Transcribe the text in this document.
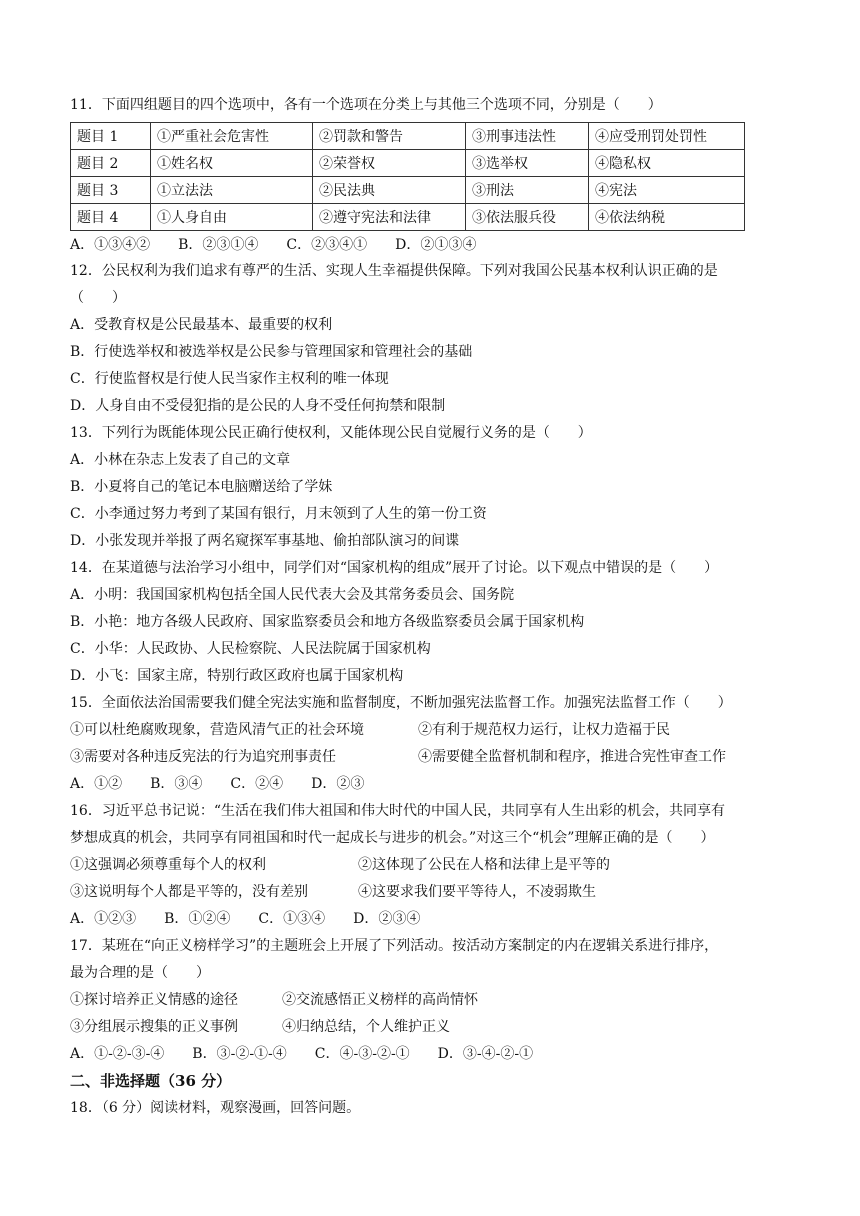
11．下面四组题目的四个选项中，各有一个选项在分类上与其他三个选项不同，分别是（　　）
题目 1	①严重社会危害性	②罚款和警告	③刑事违法性	④应受刑罚处罚性
题目 2	①姓名权	②荣誉权	③选举权	④隐私权
题目 3	①立法法	②民法典	③刑法	④宪法
题目 4	①人身自由	②遵守宪法和法律	③依法服兵役	④依法纳税
A．①③④②　　B．②③①④　　C．②③④①　　D．②①③④
12．公民权利为我们追求有尊严的生活、实现人生幸福提供保障。下列对我国公民基本权利认识正确的是
（　　）
A．受教育权是公民最基本、最重要的权利
B．行使选举权和被选举权是公民参与管理国家和管理社会的基础
C．行使监督权是行使人民当家作主权利的唯一体现
D．人身自由不受侵犯指的是公民的人身不受任何拘禁和限制
13．下列行为既能体现公民正确行使权利，又能体现公民自觉履行义务的是（　　）
A．小林在杂志上发表了自己的文章
B．小夏将自己的笔记本电脑赠送给了学妹
C．小李通过努力考到了某国有银行，月末领到了人生的第一份工资
D．小张发现并举报了两名窥探军事基地、偷拍部队演习的间谍
14．在某道德与法治学习小组中，同学们对“国家机构的组成”展开了讨论。以下观点中错误的是（　　）
A．小明：我国国家机构包括全国人民代表大会及其常务委员会、国务院
B．小艳：地方各级人民政府、国家监察委员会和地方各级监察委员会属于国家机构
C．小华：人民政协、人民检察院、人民法院属于国家机构
D．小飞：国家主席，特别行政区政府也属于国家机构
15．全面依法治国需要我们健全宪法实施和监督制度，不断加强宪法监督工作。加强宪法监督工作（　　）
①可以杜绝腐败现象，营造风清气正的社会环境	②有利于规范权力运行，让权力造福于民
③需要对各种违反宪法的行为追究刑事责任	④需要健全监督机制和程序，推进合宪性审查工作
A．①②　　B．③④　　C．②④　　D．②③
16．习近平总书记说：“生活在我们伟大祖国和伟大时代的中国人民，共同享有人生出彩的机会，共同享有
梦想成真的机会，共同享有同祖国和时代一起成长与进步的机会。”对这三个“机会”理解正确的是（　　）
①这强调必须尊重每个人的权利	②这体现了公民在人格和法律上是平等的
③这说明每个人都是平等的，没有差别	④这要求我们要平等待人，不凌弱欺生
A．①②③　　B．①②④　　C．①③④　　D．②③④
17．某班在“向正义榜样学习”的主题班会上开展了下列活动。按活动方案制定的内在逻辑关系进行排序，
最为合理的是（　　）
①探讨培养正义情感的途径	②交流感悟正义榜样的高尚情怀
③分组展示搜集的正义事例	④归纳总结，个人维护正义
A．①-②-③-④　　B．③-②-①-④　　C．④-③-②-①　　D．③-④-②-①
二、非选择题（36 分）
18．（6 分）阅读材料，观察漫画，回答问题。
